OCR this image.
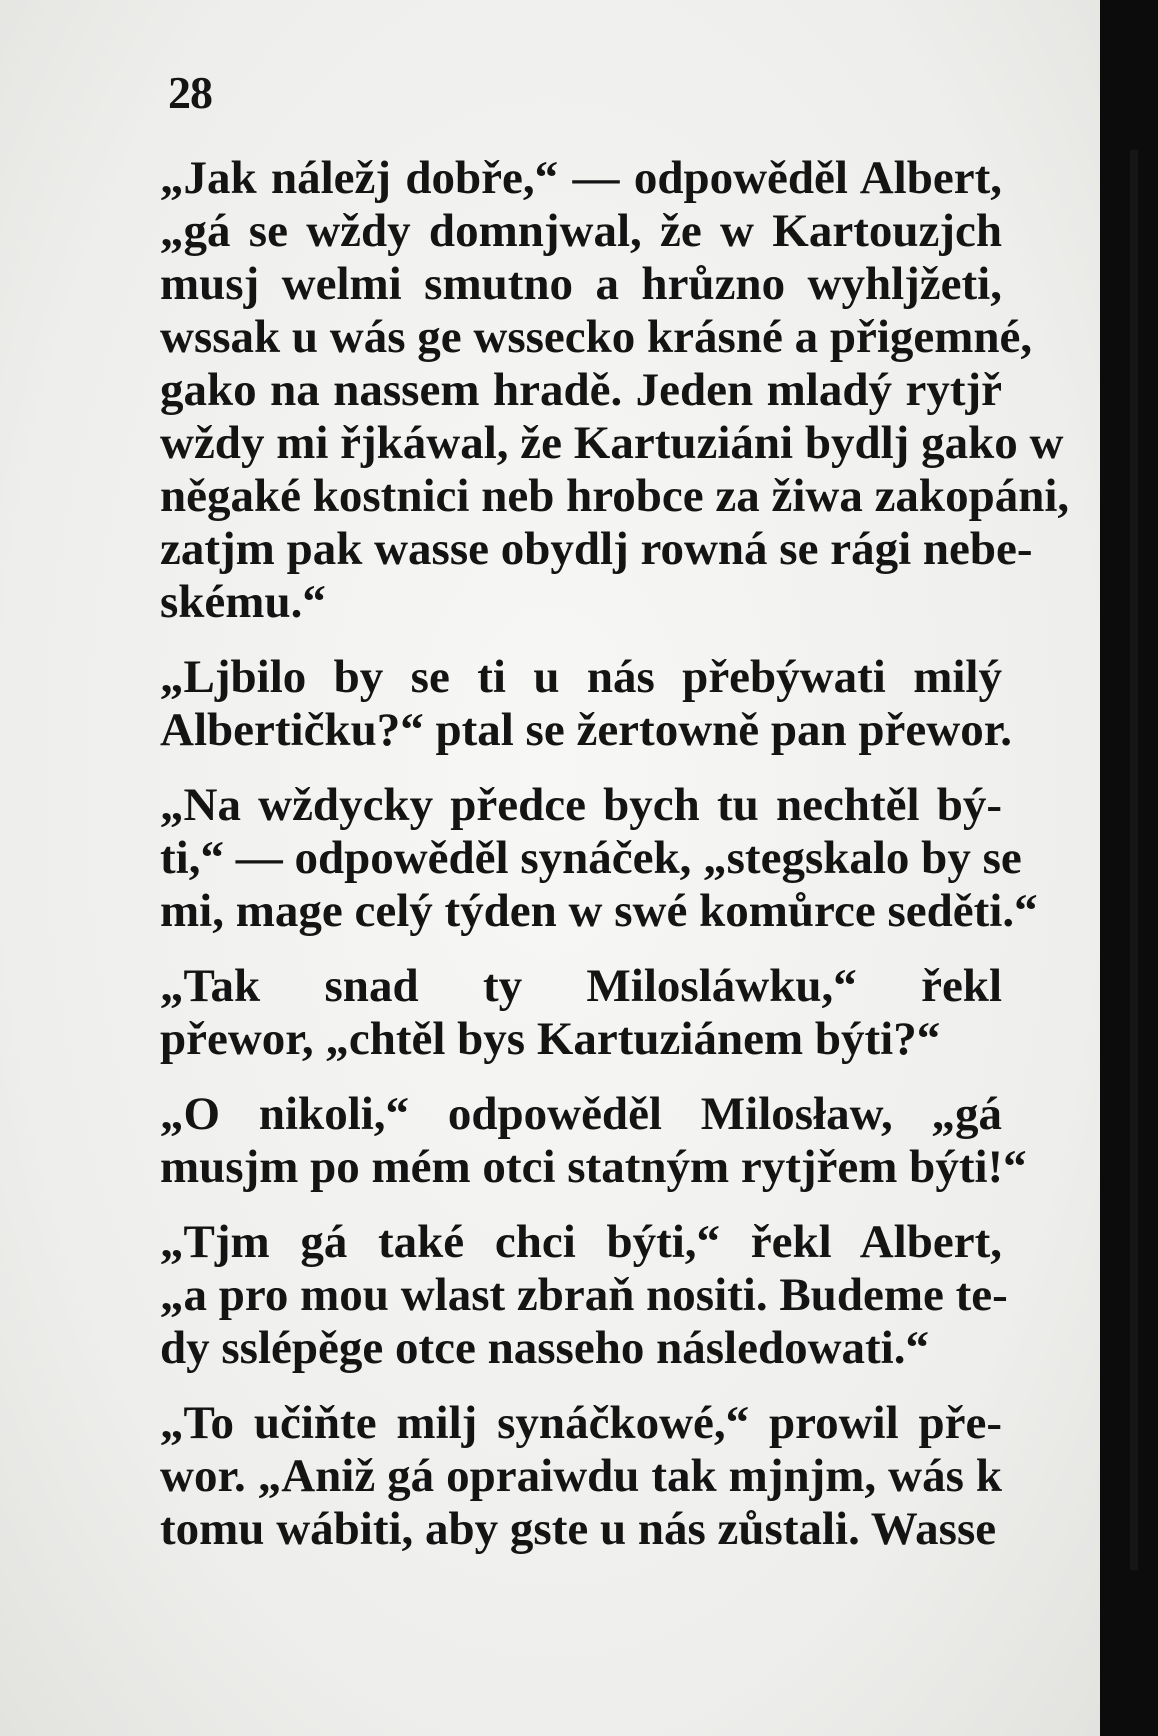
28
„Jak náležj dobře,“ — odpowěděl Albert, „gá se wždy domnjwal, že w Kartouzjch musj welmi smutno a hrůzno wyhljžeti,
wssak u wás ge wssecko krásné a přigemné,
gako na nassem hradě. Jeden mladý rytjř
wždy mi řjkáwal, že Kartuziáni bydlj gako w
něgaké kostnici neb hrobce za žiwa zakopáni,
zatjm pak wasse obydlj rowná se rági nebe-
skému.“
„Ljbilo by se ti u nás přebýwati milý
Albertičku?“ ptal se žertowně pan přewor.
„Na wždycky předce bych tu nechtěl bý-
ti,“ — odpowěděl synáček, „stegskalo by se
mi, mage celý týden w swé komůrce seděti.“
„Tak snad ty Milosláwku,“ řekl
přewor, „chtěl bys Kartuziánem býti?“
„O nikoli,“ odpowěděl Milosław, „gá
musjm po mém otci statným rytjřem býti!“
„Tjm gá také chci býti,“ řekl Albert,
„a pro mou wlast zbraň nositi. Budeme te-
dy sslépěge otce nasseho následowati.“
„To učiňte milj synáčkowé,“ prowil pře-
wor. „Aniž gá opraiwdu tak mjnjm, wás k
tomu wábiti, aby gste u nás zůstali. Wasse
